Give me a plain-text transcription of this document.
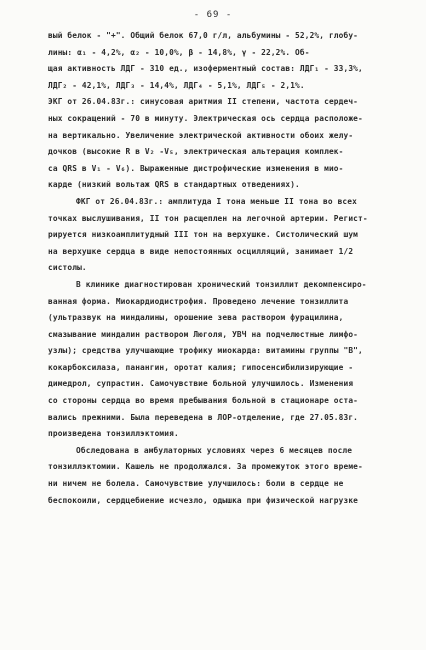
- 69 -
вый белок - "+". Общий белок 67,0 г/л, альбумины - 52,2%, глобу-
лины: α₁ - 4,2%, α₂ - 10,0%, β - 14,8%, γ - 22,2%. Об-
щая активность ЛДГ - 310 ед., изоферментный состав: ЛДГ₁ - 33,3%,
ЛДГ₂ - 42,1%, ЛДГ₃ - 14,4%, ЛДГ₄ - 5,1%, ЛДГ₅ - 2,1%.
ЭКГ от 26.04.83г.: синусовая аритмия II степени, частота сердеч-
ных сокращений - 70 в минуту. Электрическая ось сердца расположе-
на вертикально. Увеличение электрической активности обоих желу-
дочков (высокие R в V₂ -V₅, электрическая альтерация комплек-
са QRS в V₁ - V₆). Выраженные дистрофические изменения в мио-
карде (низкий вольтаж QRS в стандартных отведениях).
ФКГ от 26.04.83г.: амплитуда I тона меньше II тона во всех
точках выслушивания, II тон расщеплен на легочной артерии. Регист-
рируется низкоамплитудный III тон на верхушке. Систолический шум
на верхушке сердца в виде непостоянных осцилляций, занимает 1/2
систолы.
В клинике диагностирован хронический тонзиллит декомпенсиро-
ванная форма. Миокардиодистрофия. Проведено лечение тонзиллита
(ультразвук на миндалины, орошение зева раствором фурацилина,
смазывание миндалин раствором Люголя, УВЧ на подчелюстные лимфо-
узлы); средства улучшающие трофику миокарда: витамины группы "В",
кокарбоксилаза, панангин, оротат калия; гипосенсибилизирующие -
димедрол, супрастин. Самочувствие больной улучшилось. Изменения
со стороны сердца во время пребывания больной в стационаре оста-
вались прежними. Была переведена в ЛОР-отделение, где 27.05.83г.
произведена тонзиллэктомия.
Обследована в амбулаторных условиях через 6 месяцев после
тонзиллэктомии. Кашель не продолжался. За промежуток этого време-
ни ничем не болела. Самочувствие улучшилось: боли в сердце не
беспокоили, сердцебиение исчезло, одышка при физической нагрузке
